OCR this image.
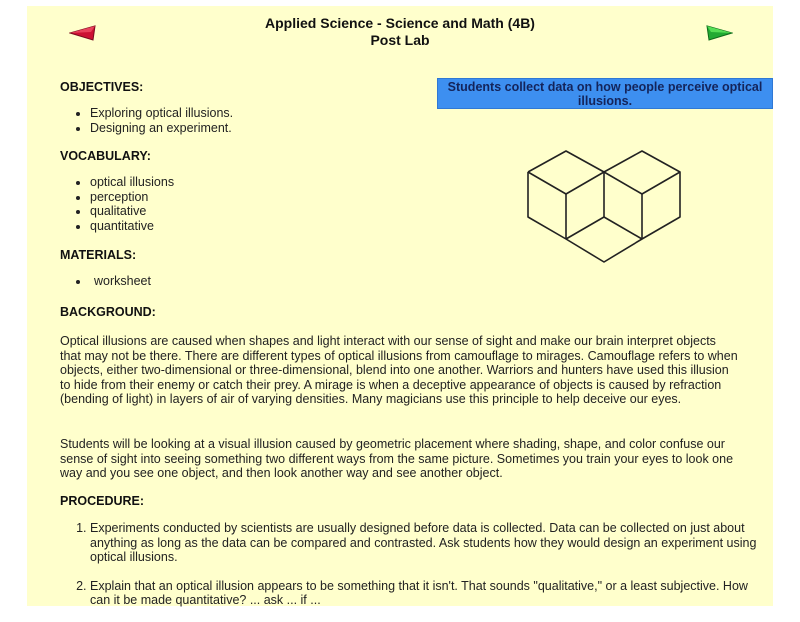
Applied Science - Science and Math (4B)
Post Lab
Students collect data on how people perceive optical illusions.
OBJECTIVES:
• Exploring optical illusions.
• Designing an experiment.
VOCABULARY:
• optical illusions
• perception
• qualitative
• quantitative
MATERIALS:
• worksheet
BACKGROUND:

Optical illusions are caused when shapes and light interact with our sense of sight and make our brain interpret objects that may not be there. There are different types of optical illusions from camouflage to mirages. Camouflage refers to when objects, either two-dimensional or three-dimensional, blend into one another. Warriors and hunters have used this illusion to hide from their enemy or catch their prey. A mirage is when a deceptive appearance of objects is caused by refraction (bending of light) in layers of air of varying densities. Many magicians use this principle to help deceive our eyes.

Students will be looking at a visual illusion caused by geometric placement where shading, shape, and color confuse our sense of sight into seeing something two different ways from the same picture. Sometimes you train your eyes to look one way and you see one object, and then look another way and see another object.

PROCEDURE:
1. Experiments conducted by scientists are usually designed before data is collected. Data can be collected on just about anything as long as the data can be compared and contrasted. Ask students how they would design an experiment using optical illusions.
2. Explain that an optical illusion appears to be something that it isn't. That sounds "qualitative," or a least subjective. How can it be made quantitative? ... ask ... if ...
